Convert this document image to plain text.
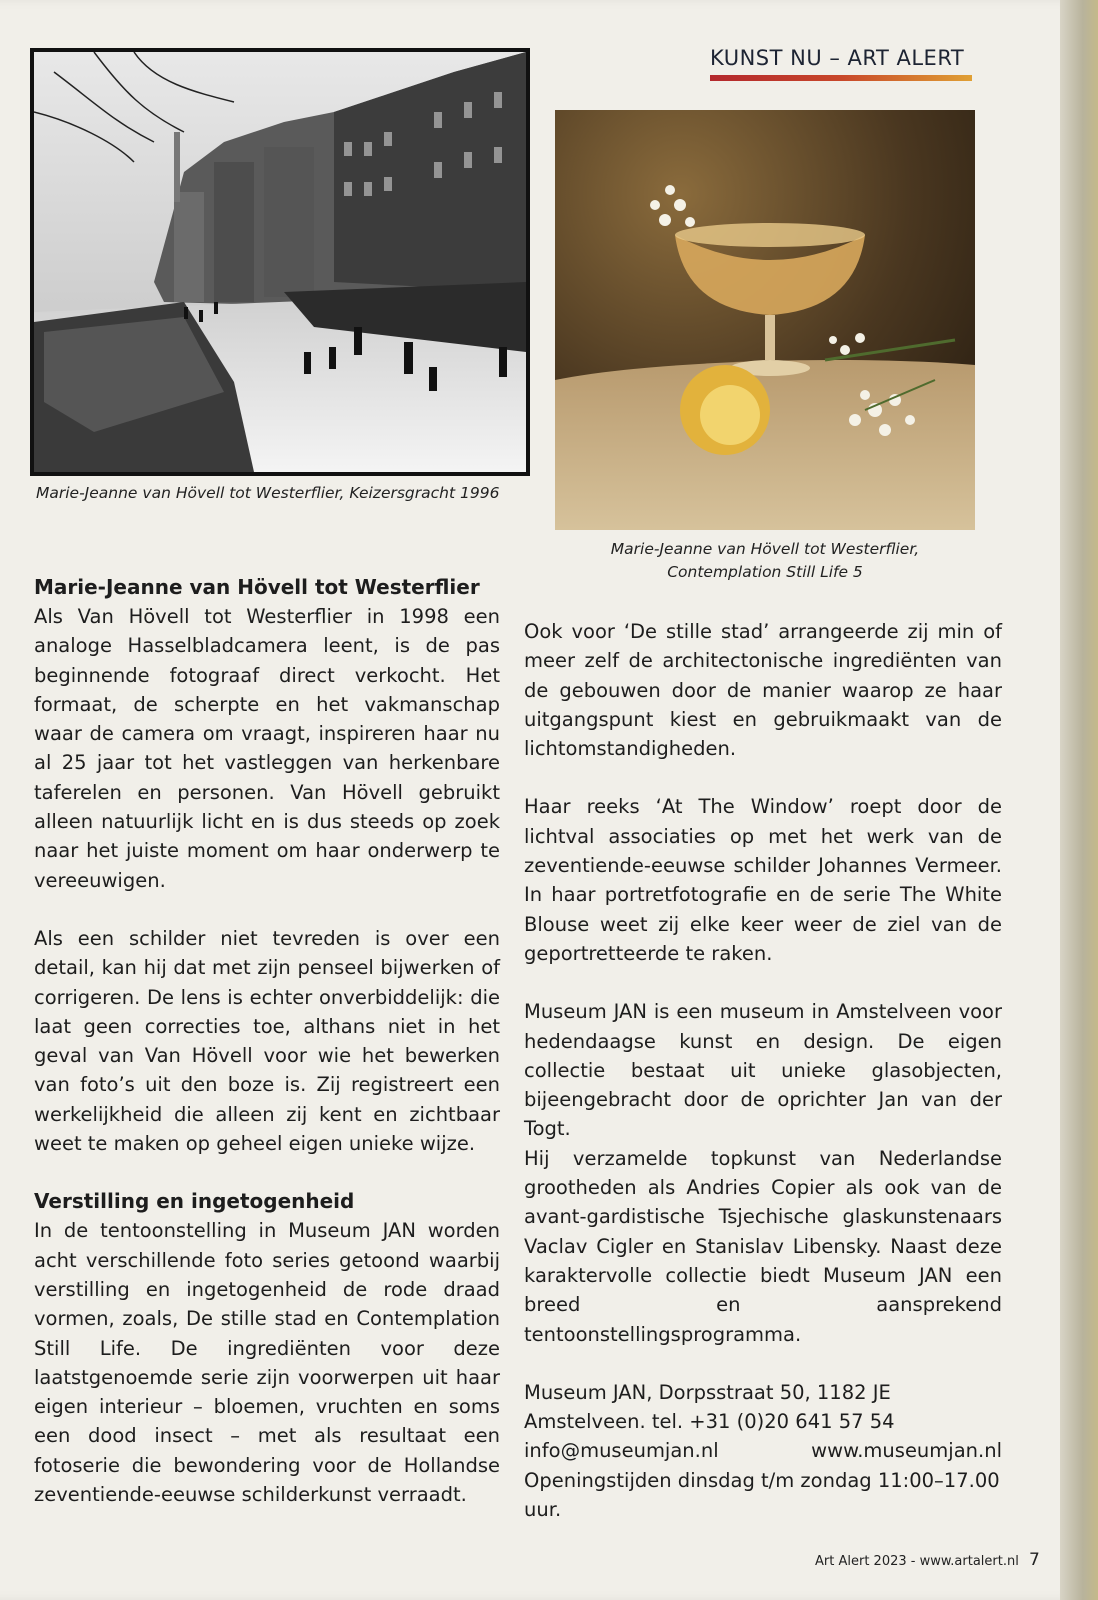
KUNST NU – ART ALERT
Marie-Jeanne van Hövell tot Westerflier, Keizersgracht 1996
Marie-Jeanne van Hövell tot Westerflier,
Contemplation Still Life 5
Marie-Jeanne van Hövell tot Westerflier

Als Van Hövell tot Westerflier in 1998 een analoge Hasselbladcamera leent, is de pas beginnende fotograaf direct verkocht. Het formaat, de scherpte en het vakmanschap waar de camera om vraagt, inspireren haar nu al 25 jaar tot het vastleggen van herkenbare taferelen en personen. Van Hövell gebruikt alleen natuurlijk licht en is dus steeds op zoek naar het juiste moment om haar onderwerp te vereeuwigen.

Als een schilder niet tevreden is over een detail, kan hij dat met zijn penseel bijwerken of corrigeren. De lens is echter onverbiddelijk: die laat geen correcties toe, althans niet in het geval van Van Hövell voor wie het bewerken van foto’s uit den boze is. Zij registreert een werkelijkheid die alleen zij kent en zichtbaar weet te maken op geheel eigen unieke wijze.

Verstilling en ingetogenheid

In de tentoonstelling in Museum JAN worden acht verschillende foto series getoond waarbij verstilling en ingetogenheid de rode draad vormen, zoals, De stille stad en Contemplation Still Life. De ingrediënten voor deze laatstgenoemde serie zijn voorwerpen uit haar eigen interieur – bloemen, vruchten en soms een dood insect – met als resultaat een fotoserie die bewondering voor de Hollandse zeventiende-eeuwse schilderkunst verraadt.

Ook voor ‘De stille stad’ arrangeerde zij min of meer zelf de architectonische ingrediënten van de gebouwen door de manier waarop ze haar uitgangspunt kiest en gebruikmaakt van de lichtomstandigheden.

Haar reeks ‘At The Window’ roept door de lichtval associaties op met het werk van de zeventiende-eeuwse schilder Johannes Vermeer. In haar portretfotografie en de serie The White Blouse weet zij elke keer weer de ziel van de geportretteerde te raken.

Museum JAN is een museum in Amstelveen voor hedendaagse kunst en design. De eigen collectie bestaat uit unieke glasobjecten, bijeengebracht door de oprichter Jan van der Togt.

Hij verzamelde topkunst van Nederlandse grootheden als Andries Copier als ook van de avant-gardistische Tsjechische glaskunstenaars Vaclav Cigler en Stanislav Libensky. Naast deze karaktervolle collectie biedt Museum JAN een breed en aansprekend tentoonstellingsprogramma.

Museum JAN, Dorpsstraat 50, 1182 JE Amstelveen. tel. +31 (0)20 641 57 54
info@museumjan.nl	www.museumjan.nl
Openingstijden dinsdag t/m zondag 11:00–17.00 uur.
Art Alert 2023 - www.artalert.nl 7
